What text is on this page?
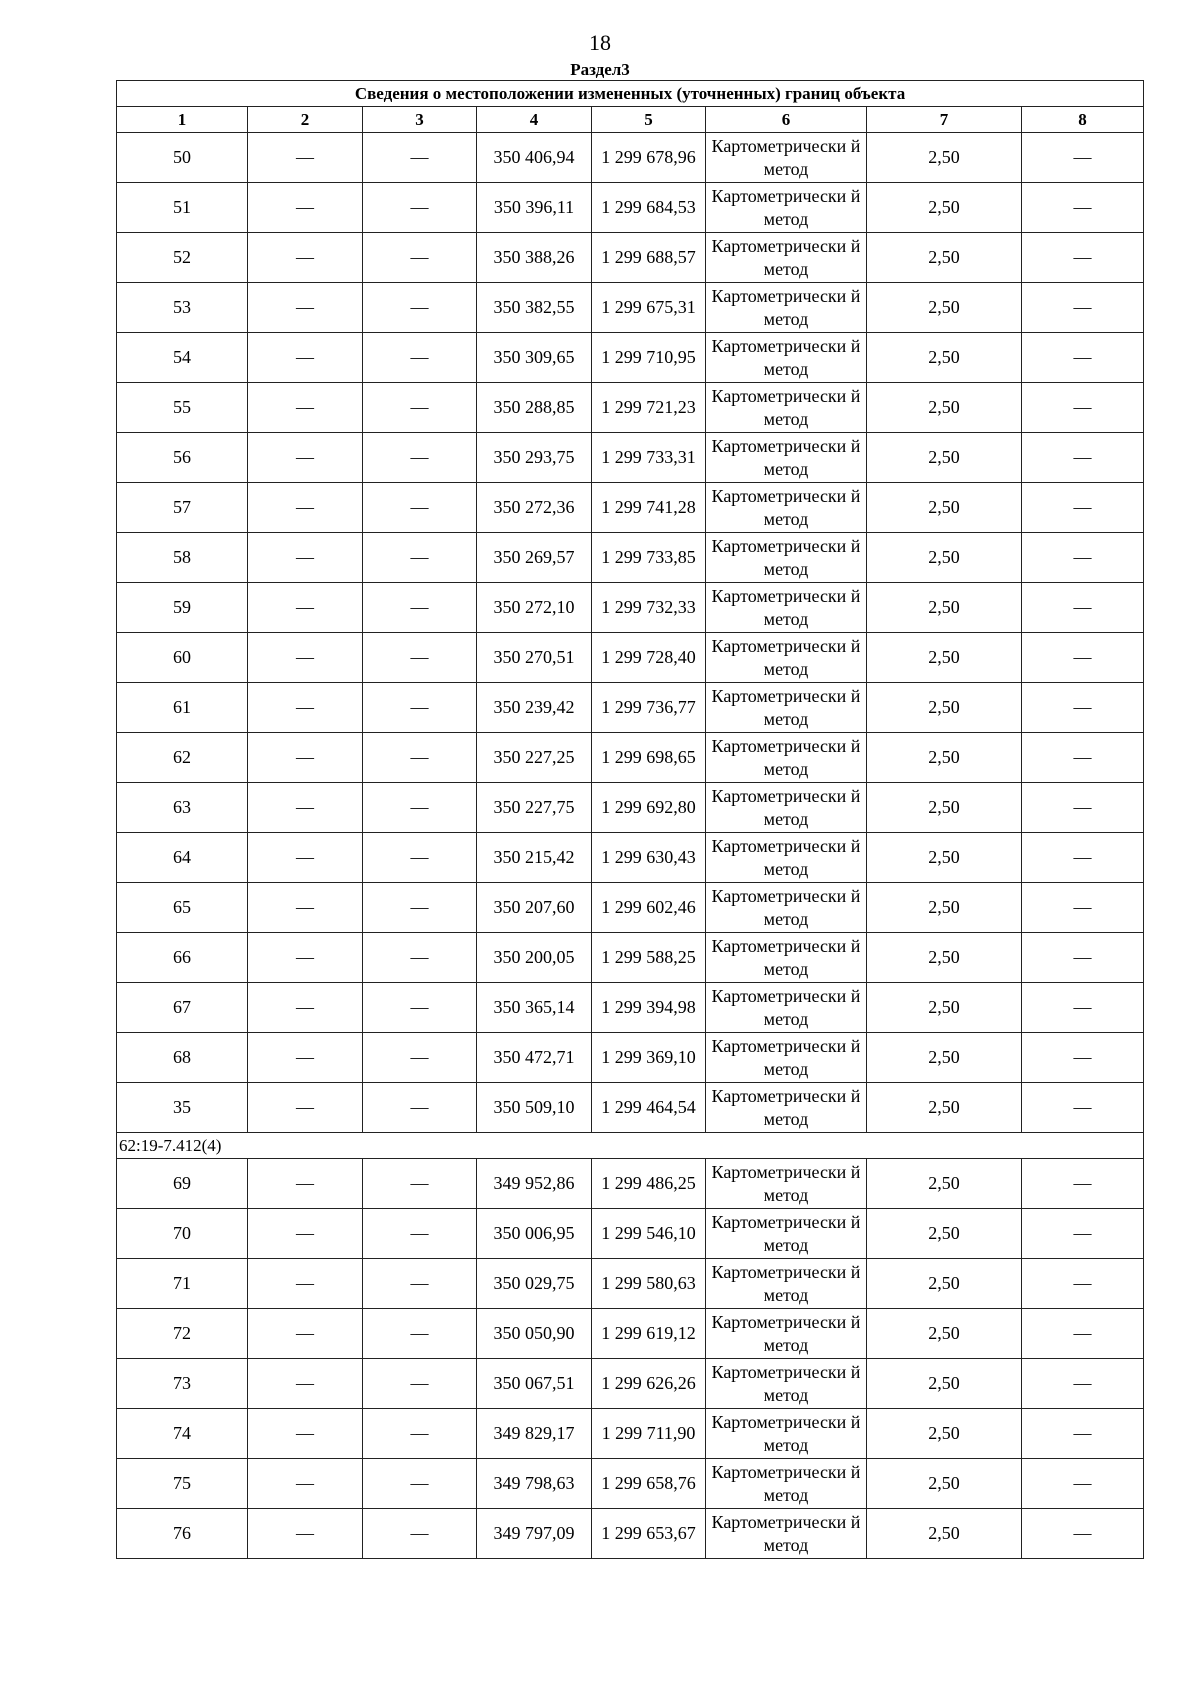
18
Раздел3
Сведения о местоположении измененных (уточненных) границ объекта							
1	2	3	4	5	6	7	8
50	—	—	350 406,94	1 299 678,96	Картометрически й метод	2,50	—
51	—	—	350 396,11	1 299 684,53	Картометрически й метод	2,50	—
52	—	—	350 388,26	1 299 688,57	Картометрически й метод	2,50	—
53	—	—	350 382,55	1 299 675,31	Картометрически й метод	2,50	—
54	—	—	350 309,65	1 299 710,95	Картометрически й метод	2,50	—
55	—	—	350 288,85	1 299 721,23	Картометрически й метод	2,50	—
56	—	—	350 293,75	1 299 733,31	Картометрически й метод	2,50	—
57	—	—	350 272,36	1 299 741,28	Картометрически й метод	2,50	—
58	—	—	350 269,57	1 299 733,85	Картометрически й метод	2,50	—
59	—	—	350 272,10	1 299 732,33	Картометрически й метод	2,50	—
60	—	—	350 270,51	1 299 728,40	Картометрически й метод	2,50	—
61	—	—	350 239,42	1 299 736,77	Картометрически й метод	2,50	—
62	—	—	350 227,25	1 299 698,65	Картометрически й метод	2,50	—
63	—	—	350 227,75	1 299 692,80	Картометрически й метод	2,50	—
64	—	—	350 215,42	1 299 630,43	Картометрически й метод	2,50	—
65	—	—	350 207,60	1 299 602,46	Картометрически й метод	2,50	—
66	—	—	350 200,05	1 299 588,25	Картометрически й метод	2,50	—
67	—	—	350 365,14	1 299 394,98	Картометрически й метод	2,50	—
68	—	—	350 472,71	1 299 369,10	Картометрически й метод	2,50	—
35	—	—	350 509,10	1 299 464,54	Картометрически й метод	2,50	—
62:19-7.412(4)							
69	—	—	349 952,86	1 299 486,25	Картометрически й метод	2,50	—
70	—	—	350 006,95	1 299 546,10	Картометрически й метод	2,50	—
71	—	—	350 029,75	1 299 580,63	Картометрически й метод	2,50	—
72	—	—	350 050,90	1 299 619,12	Картометрически й метод	2,50	—
73	—	—	350 067,51	1 299 626,26	Картометрически й метод	2,50	—
74	—	—	349 829,17	1 299 711,90	Картометрически й метод	2,50	—
75	—	—	349 798,63	1 299 658,76	Картометрически й метод	2,50	—
76	—	—	349 797,09	1 299 653,67	Картометрически й метод	2,50	—
